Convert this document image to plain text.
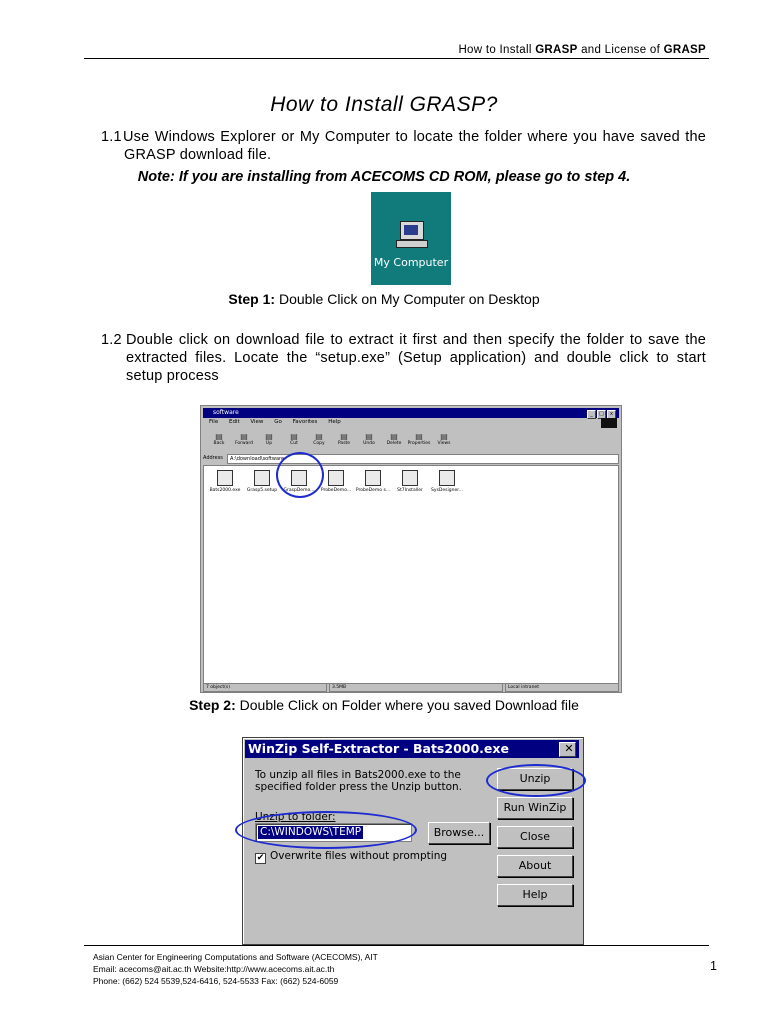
How to Install GRASP and License of GRASP
How to Install GRASP?
1.1 Use Windows Explorer or My Computer to locate the folder where you have saved the GRASP download file.
Note: If you are installing from ACECOMS CD ROM, please go to step 4.
My Computer
Step 1: Double Click on My Computer on Desktop
1.2 Double click on download file to extract it first and then specify the folder to save the extracted files. Locate the “setup.exe” (Setup application) and double click to start setup process
software	_ □ x
File Edit View Go Favorites Help
▤ Back ▤ Forward	▤ Up	▤ Cut	▤ Copy	▤ Paste	▤ Undo	▤ Delete ▤ Properties ▤ Views
Address	A:\download\software
Bats2000.exe Grasp5.setup GraspDemo... ProbeDemo... ProbeDemo s... St7Installer SysDesigner...
7 object(s)	3.5MB	Local intranet
Step 2: Double Click on Folder where you saved Download file
WinZip Self-Extractor - Bats2000.exe	✕
To unzip all files in Bats2000.exe to the specified folder press the Unzip button.
Unzip to folder:
C:\WINDOWS\TEMP	Browse...
✔ Overwrite files without prompting
Unzip
Run WinZip
Close
About
Help
Asian Center for Engineering Computations and Software (ACECOMS), AIT
Email: acecoms@ait.ac.th Website:http://www.acecoms.ait.ac.th
Phone: (662) 524 5539,524-6416, 524-5533 Fax: (662) 524-6059
1
